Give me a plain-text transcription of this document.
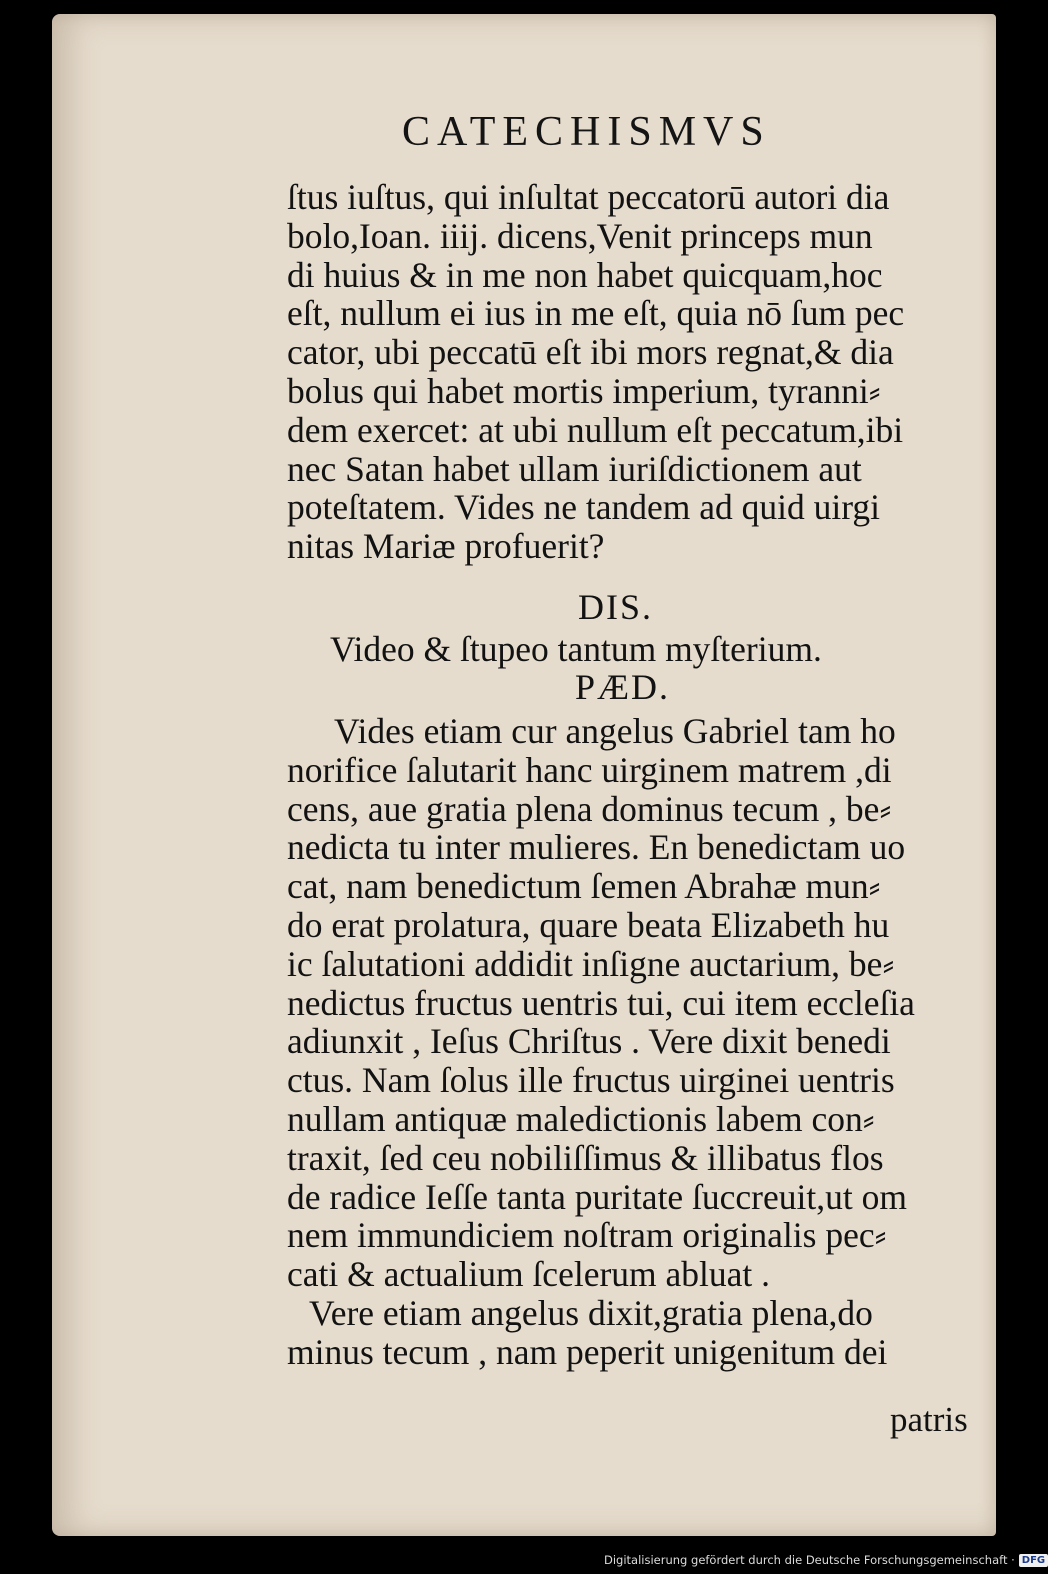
CATECHISMVS
ſtus iuſtus, qui inſultat peccatorū autori dia
bolo,Ioan. iiij. dicens,Venit princeps mun
di huius & in me non habet quicquam,hoc
eſt, nullum ei ius in me eſt, quia nō ſum pec
cator, ubi peccatū eſt ibi mors regnat,& dia
bolus qui habet mortis imperium, tyranni⸗
dem exercet: at ubi nullum eſt peccatum,ibi
nec Satan habet ullam iuriſdictionem aut
poteſtatem. Vides ne tandem ad quid uirgi
nitas Mariæ profuerit?
DIS.
Video & ſtupeo tantum myſterium.
PÆD.
Vides etiam cur angelus Gabriel tam ho
norifice ſalutarit hanc uirginem matrem ,di
cens, aue gratia plena dominus tecum , be⸗
nedicta tu inter mulieres. En benedictam uo
cat, nam benedictum ſemen Abrahæ mun⸗
do erat prolatura, quare beata Elizabeth hu
ic ſalutationi addidit inſigne auctarium, be⸗
nedictus fructus uentris tui, cui item eccleſia
adiunxit , Ieſus Chriſtus . Vere dixit benedi
ctus. Nam ſolus ille fructus uirginei uentris
nullam antiquæ maledictionis labem con⸗
traxit, ſed ceu nobiliſſimus & illibatus flos
de radice Ieſſe tanta puritate ſuccreuit,ut om
nem immundiciem noſtram originalis pec⸗
cati & actualium ſcelerum abluat .
Vere etiam angelus dixit,gratia plena,do
minus tecum , nam peperit unigenitum dei
patris
Digitalisierung gefördert durch die Deutsche Forschungsgemeinschaft · DFG
